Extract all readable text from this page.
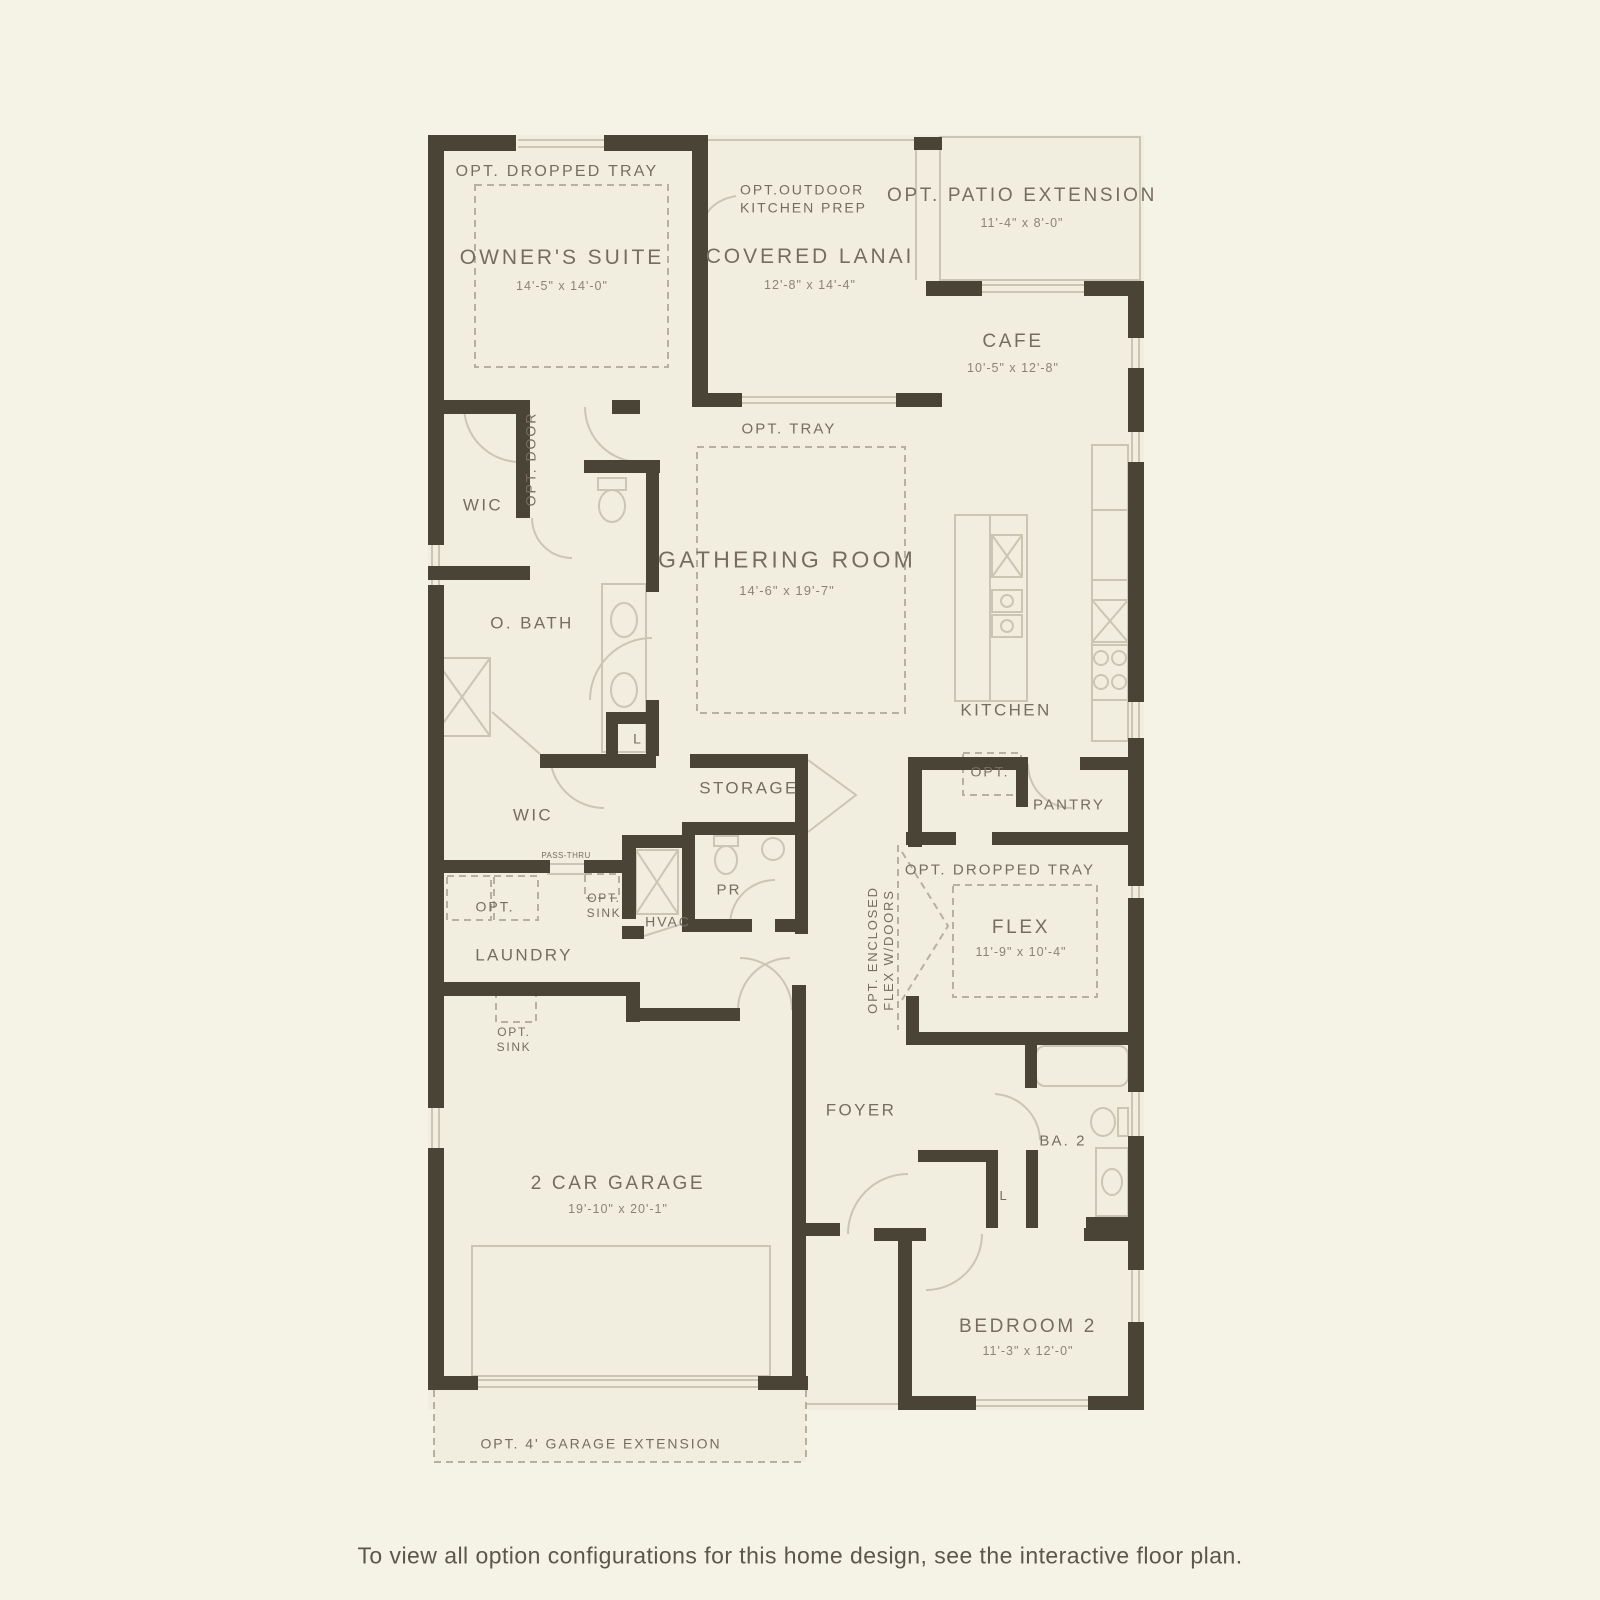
OPT. DROPPED TRAY
OWNER'S SUITE
14'-5" x 14'-0"
OPT.OUTDOOR
KITCHEN PREP
COVERED LANAI
12'-8" x 14'-4"
OPT. PATIO EXTENSION
11'-4" x 8'-0"
CAFE
10'-5" x 12'-8"
OPT. TRAY
GATHERING ROOM
14'-6" x 19'-7"
WIC OPT. DOOR
O. BATH
KITCHEN
L
STORAGE
OPT.
PANTRY
WIC
PASS-THRU
OPT.
OPT.
SINK
HVAC
PR
LAUNDRY
OPT. DROPPED TRAY
FLEX
11'-9" x 10'-4"
OPT. ENCLOSED FLEX W/DOORS
OPT.
SINK
FOYER
BA. 2
L
2 CAR GARAGE
19'-10" x 20'-1"
BEDROOM 2
11'-3" x 12'-0"
OPT. 4' GARAGE EXTENSION
To view all option configurations for this home design, see the interactive floor plan.
